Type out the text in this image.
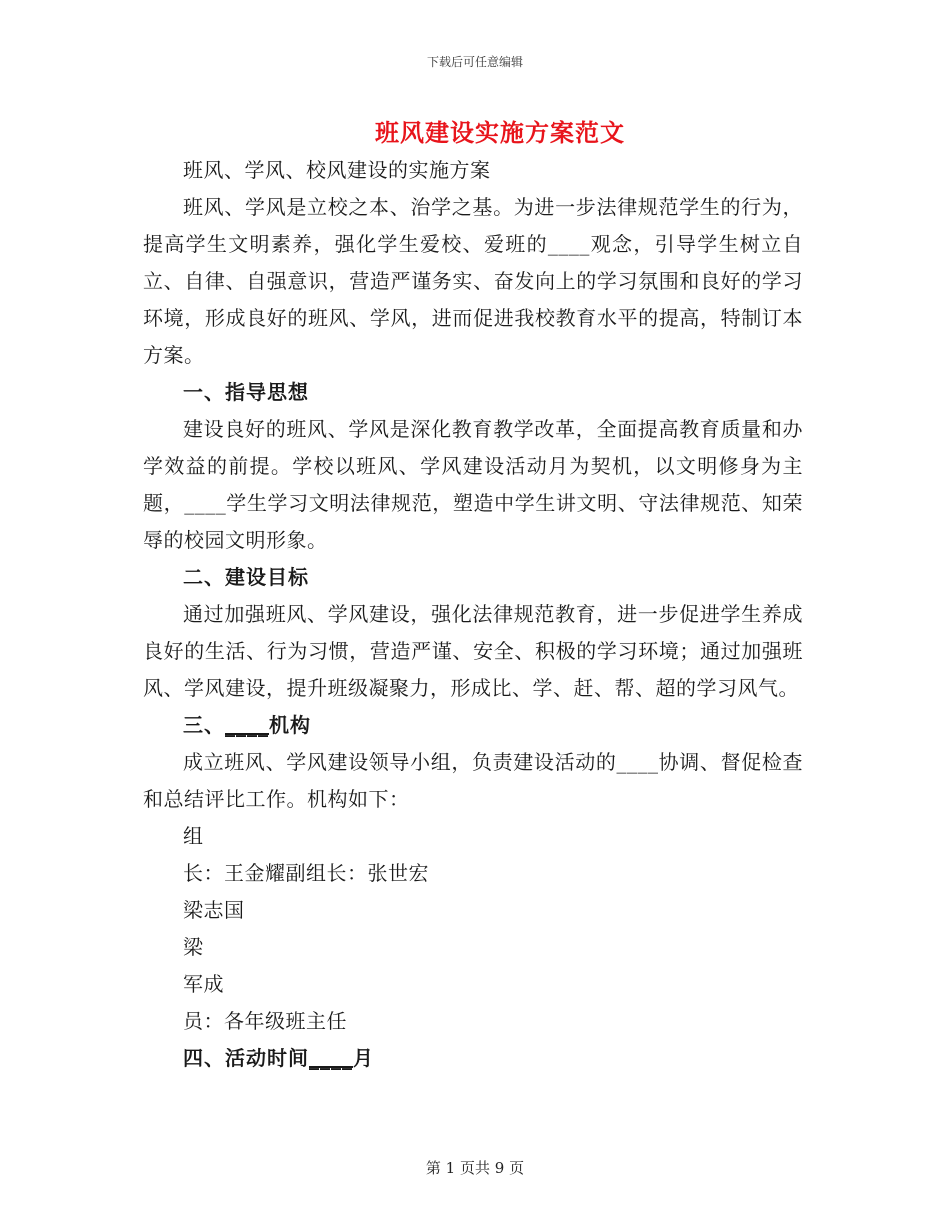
下载后可任意编辑
班风建设实施方案范文

班风、学风、校风建设的实施方案

班风、学风是立校之本、治学之基。为进一步法律规范学生的行为，提高学生文明素养，强化学生爱校、爱班的____观念，引导学生树立自立、自律、自强意识，营造严谨务实、奋发向上的学习氛围和良好的学习环境，形成良好的班风、学风，进而促进我校教育水平的提高，特制订本方案。

一、指导思想

建设良好的班风、学风是深化教育教学改革，全面提高教育质量和办学效益的前提。学校以班风、学风建设活动月为契机，以文明修身为主题，____学生学习文明法律规范，塑造中学生讲文明、守法律规范、知荣辱的校园文明形象。

二、建设目标

通过加强班风、学风建设，强化法律规范教育，进一步促进学生养成良好的生活、行为习惯，营造严谨、安全、积极的学习环境；通过加强班风、学风建设，提升班级凝聚力，形成比、学、赶、帮、超的学习风气。

三、____机构

成立班风、学风建设领导小组，负责建设活动的____协调、督促检查和总结评比工作。机构如下：

组

长：王金耀副组长：张世宏

梁志国

梁

军成

员：各年级班主任

四、活动时间____月

第 1 页共 9 页
